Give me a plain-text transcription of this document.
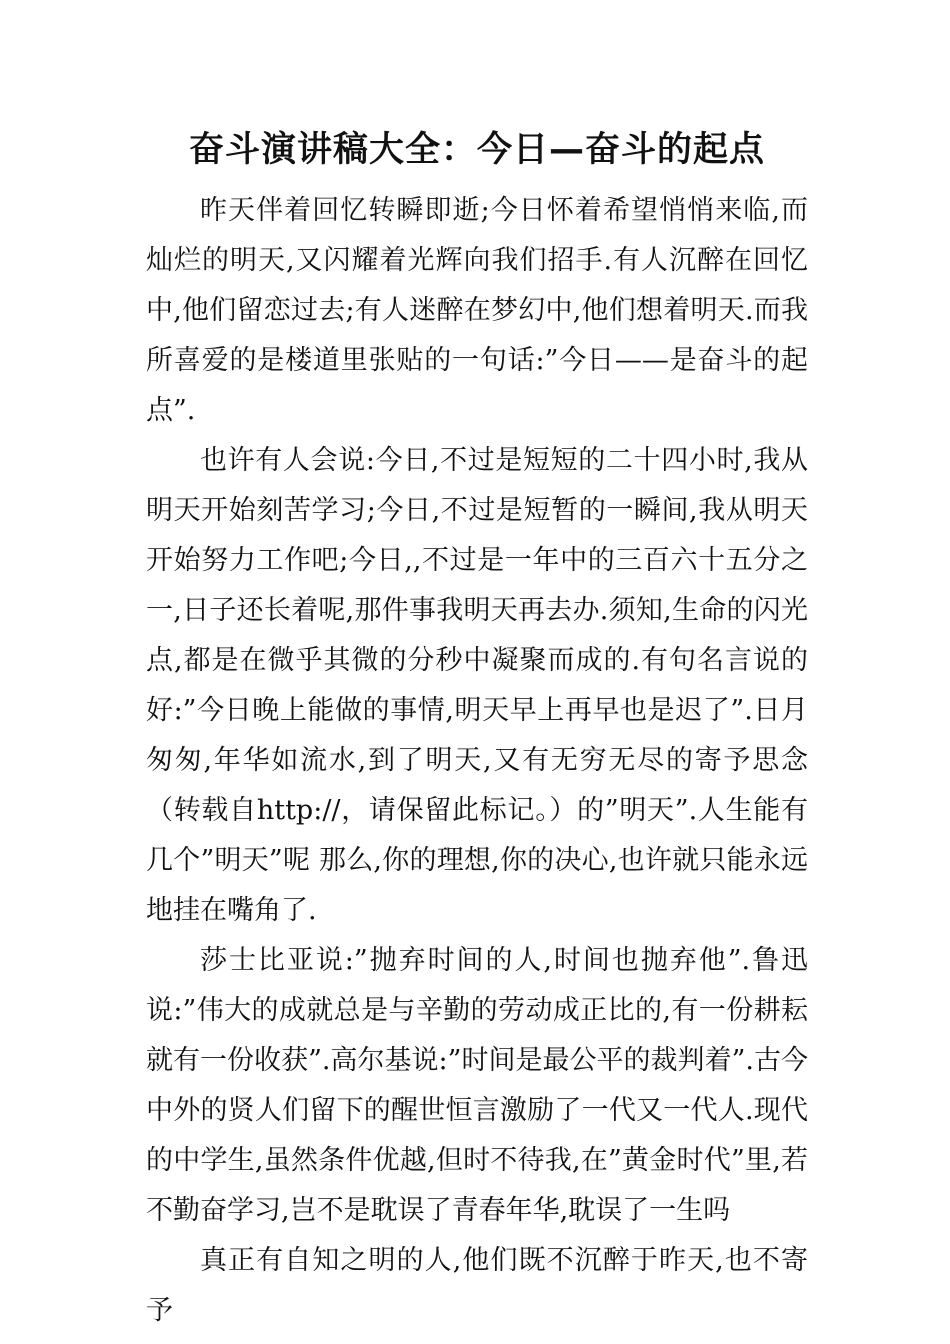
奋斗演讲稿大全：今日—奋斗的起点

昨天伴着回忆转瞬即逝;今日怀着希望悄悄来临,而灿烂的明天,又闪耀着光辉向我们招手.有人沉醉在回忆中,他们留恋过去;有人迷醉在梦幻中,他们想着明天.而我所喜爱的是楼道里张贴的一句话:”今日——是奋斗的起点”.

也许有人会说:今日,不过是短短的二十四小时,我从明天开始刻苦学习;今日,不过是短暂的一瞬间,我从明天开始努力工作吧;今日,,不过是一年中的三百六十五分之一,日子还长着呢,那件事我明天再去办.须知,生命的闪光点,都是在微乎其微的分秒中凝聚而成的.有句名言说的好:”今日晚上能做的事情,明天早上再早也是迟了”.日月匆匆,年华如流水,到了明天,又有无穷无尽的寄予思念（转载自http://，请保留此标记。）的”明天”.人生能有几个”明天”呢 那么,你的理想,你的决心,也许就只能永远地挂在嘴角了.

莎士比亚说:”抛弃时间的人,时间也抛弃他”.鲁迅说:”伟大的成就总是与辛勤的劳动成正比的,有一份耕耘就有一份收获”.高尔基说:”时间是最公平的裁判着”.古今中外的贤人们留下的醒世恒言激励了一代又一代人.现代的中学生,虽然条件优越,但时不待我,在”黄金时代”里,若不勤奋学习,岂不是耽误了青春年华,耽误了一生吗

真正有自知之明的人,他们既不沉醉于昨天,也不寄予
